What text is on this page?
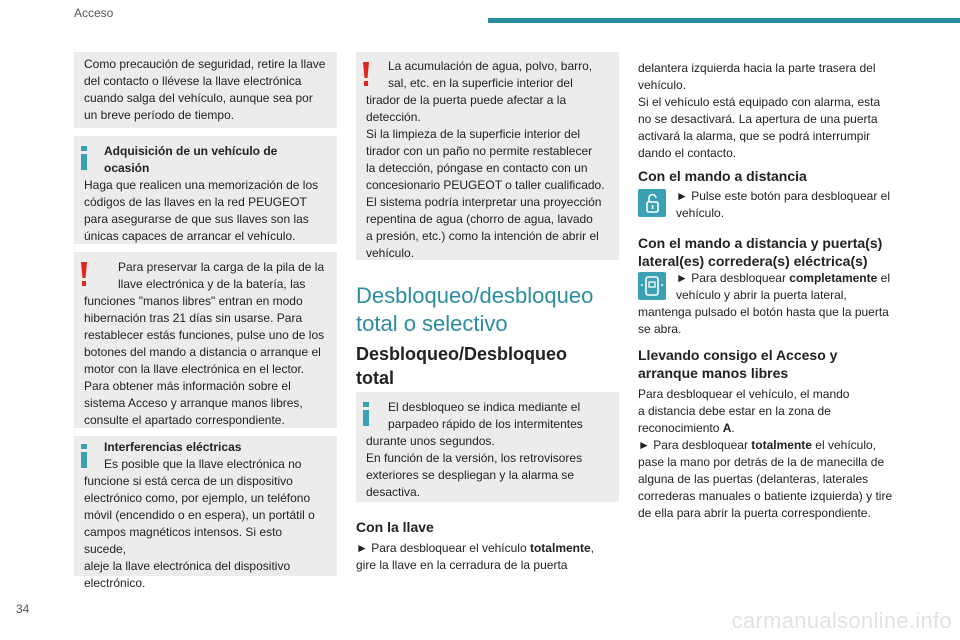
Acceso

Como precaución de seguridad, retire la llave

del contacto o llévese la llave electrónica

cuando salga del vehículo, aunque sea por

un breve período de tiempo.

Adquisición de un vehículo de

ocasión

Haga que realicen una memorización de los

códigos de las llaves en la red PEUGEOT

para asegurarse de que sus llaves son las

únicas capaces de arrancar el vehículo.

Para preservar la carga de la pila de la

llave electrónica y de la batería, las

funciones "manos libres" entran en modo

hibernación tras 21 días sin usarse. Para

restablecer estás funciones, pulse uno de los

botones del mando a distancia o arranque el

motor con la llave electrónica en el lector.

Para obtener más información sobre el

sistema Acceso y arranque manos libres,

consulte el apartado correspondiente.

Interferencias eléctricas

Es posible que la llave electrónica no

funcione si está cerca de un dispositivo

electrónico como, por ejemplo, un teléfono

móvil (encendido o en espera), un portátil o

campos magnéticos intensos. Si esto sucede,

aleje la llave electrónica del dispositivo

electrónico.

La acumulación de agua, polvo, barro,

sal, etc. en la superficie interior del

tirador de la puerta puede afectar a la

detección.

Si la limpieza de la superficie interior del

tirador con un paño no permite restablecer

la detección, póngase en contacto con un

concesionario PEUGEOT o taller cualificado.

El sistema podría interpretar una proyección

repentina de agua (chorro de agua, lavado

a presión, etc.) como la intención de abrir el

vehículo.

Desbloqueo/desbloqueo
total o selectivo
Desbloqueo/Desbloqueo
total

El desbloqueo se indica mediante el

parpadeo rápido de los intermitentes

durante unos segundos.

En función de la versión, los retrovisores

exteriores se despliegan y la alarma se

desactiva.

Con la llave

► Para desbloquear el vehículo totalmente,

gire la llave en la cerradura de la puerta

delantera izquierda hacia la parte trasera del

vehículo.

Si el vehículo está equipado con alarma, esta

no se desactivará. La apertura de una puerta

activará la alarma, que se podrá interrumpir

dando el contacto.

Con el mando a distancia

► Pulse este botón para desbloquear el

vehículo.

Con el mando a distancia y puerta(s)
lateral(es) corredera(s) eléctrica(s)

► Para desbloquear completamente el

vehículo y abrir la puerta lateral,

mantenga pulsado el botón hasta que la puerta

se abra.

Llevando consigo el Acceso y
arranque manos libres

Para desbloquear el vehículo, el mando

a distancia debe estar en la zona de

reconocimiento A.

► Para desbloquear totalmente el vehículo,

pase la mano por detrás de la de manecilla de

alguna de las puertas (delanteras, laterales

correderas manuales o batiente izquierda) y tire

de ella para abrir la puerta correspondiente.

34	carmanualsonline.info
